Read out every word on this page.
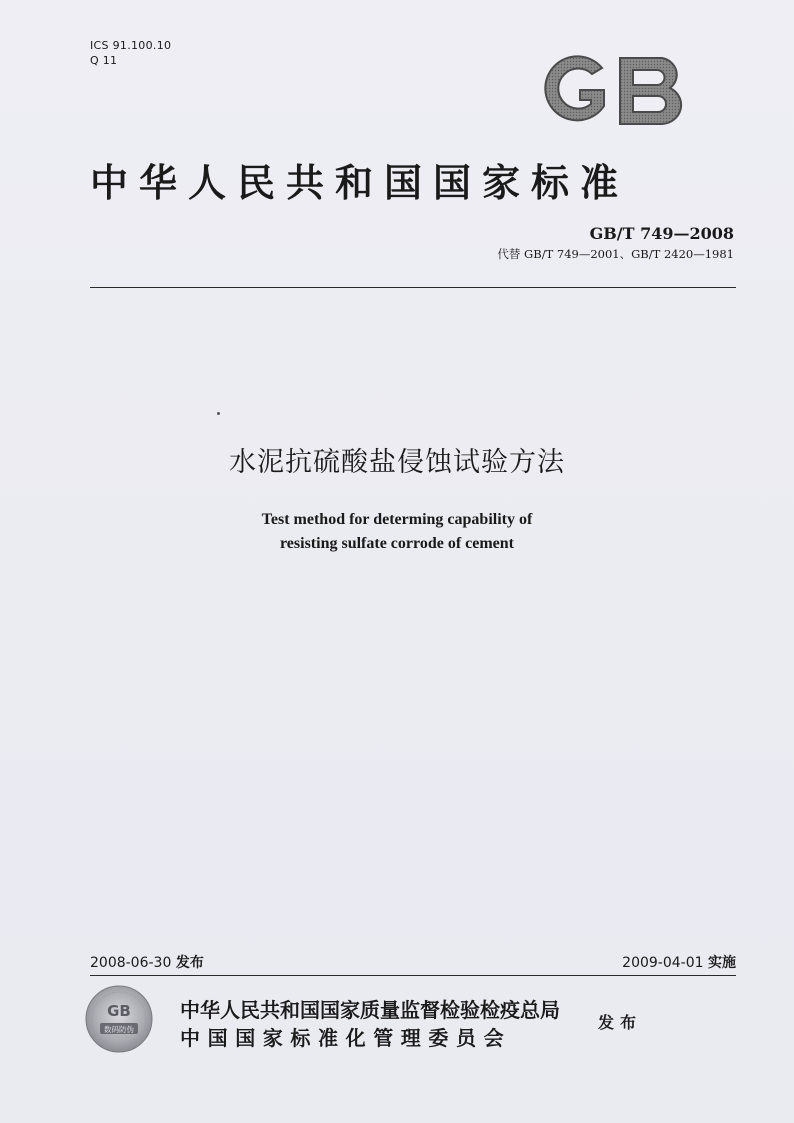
ICS 91.100.10
Q 11
GB
中华人民共和国国家标准
GB/T 749—2008
代替 GB/T 749—2001、GB/T 2420—1981
水泥抗硫酸盐侵蚀试验方法
Test method for determing capability of
resisting sulfate corrode of cement
2008-06-30 发布	2009-04-01 实施
GB
数码防伪
中华人民共和国国家质量监督检验检疫总局
中国国家标准化管理委员会
发布
